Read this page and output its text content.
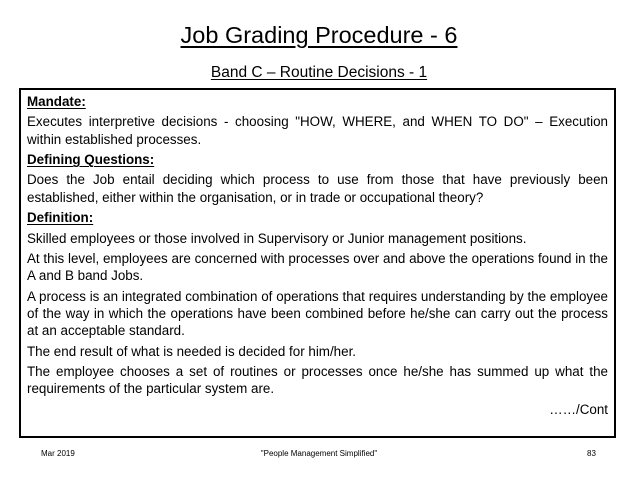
Job Grading Procedure - 6
Band C – Routine Decisions - 1
Mandate:
Executes interpretive decisions - choosing "HOW, WHERE, and WHEN TO DO" – Execution within established processes.
Defining Questions:
Does the Job entail deciding which process to use from those that have previously been established, either within the organisation, or in trade or occupational theory?
Definition:
Skilled employees or those involved in Supervisory or Junior management positions.
At this level, employees are concerned with processes over and above the operations found in the A and B band Jobs.
A process is an integrated combination of operations that requires understanding by the employee of the way in which the operations have been combined before he/she can carry out the process at an acceptable standard.
The end result of what is needed is decided for him/her.
The employee chooses a set of routines or processes once he/she has summed up what the requirements of the particular system are.
……/Cont
Mar 2019	"People Management Simplified"	83
